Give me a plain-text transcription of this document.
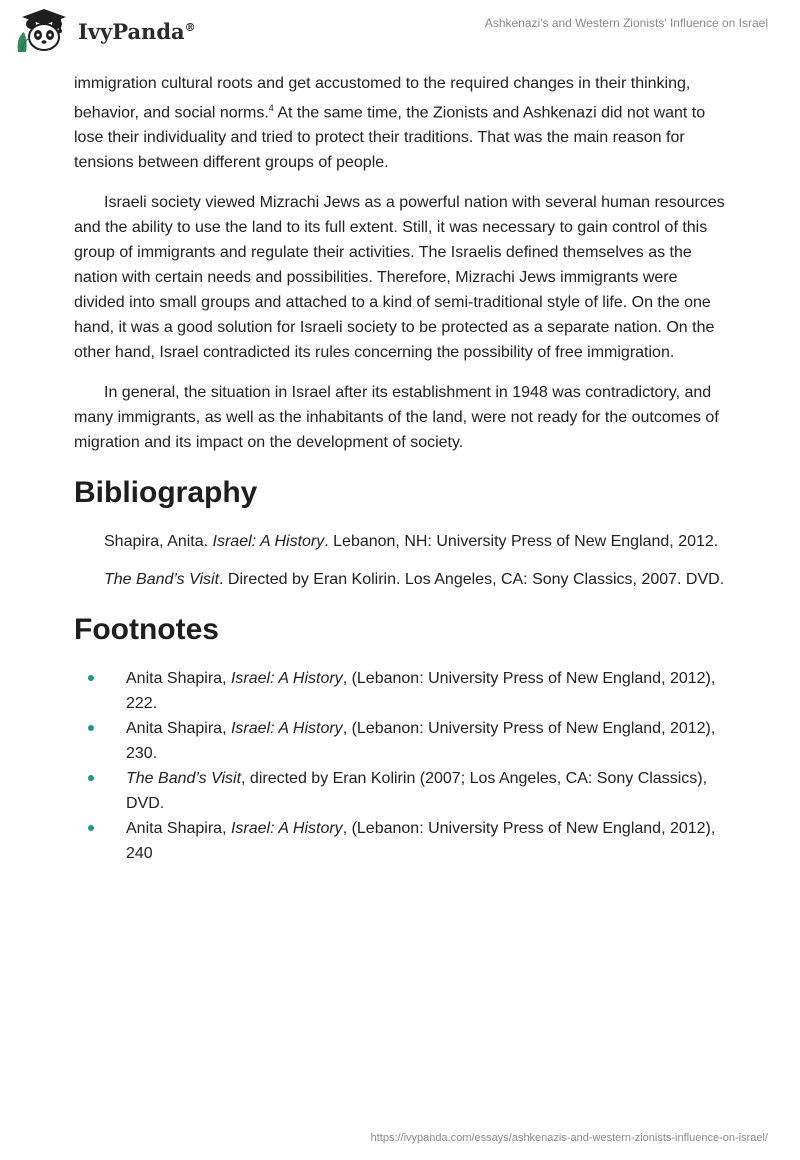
IvyPanda®	Ashkenazi's and Western Zionists' Influence on Israel

immigration cultural roots and get accustomed to the required changes in their thinking, behavior, and social norms.$^4$ At the same time, the Zionists and Ashkenazi did not want to lose their individuality and tried to protect their traditions. That was the main reason for tensions between different groups of people.

Israeli society viewed Mizrachi Jews as a powerful nation with several human resources and the ability to use the land to its full extent. Still, it was necessary to gain control of this group of immigrants and regulate their activities. The Israelis defined themselves as the nation with certain needs and possibilities. Therefore, Mizrachi Jews immigrants were divided into small groups and attached to a kind of semi-traditional style of life. On the one hand, it was a good solution for Israeli society to be protected as a separate nation. On the other hand, Israel contradicted its rules concerning the possibility of free immigration.

In general, the situation in Israel after its establishment in 1948 was contradictory, and many immigrants, as well as the inhabitants of the land, were not ready for the outcomes of migration and its impact on the development of society.

Bibliography

Shapira, Anita. Israel: A History. Lebanon, NH: University Press of New England, 2012.

The Band’s Visit. Directed by Eran Kolirin. Los Angeles, CA: Sony Classics, 2007. DVD.

Footnotes
Anita Shapira, Israel: A History, (Lebanon: University Press of New England, 2012), 222.
Anita Shapira, Israel: A History, (Lebanon: University Press of New England, 2012), 230.
The Band’s Visit, directed by Eran Kolirin (2007; Los Angeles, CA: Sony Classics), DVD.
Anita Shapira, Israel: A History, (Lebanon: University Press of New England, 2012), 240
https://ivypanda.com/essays/ashkenazis-and-western-zionists-influence-on-israel/
